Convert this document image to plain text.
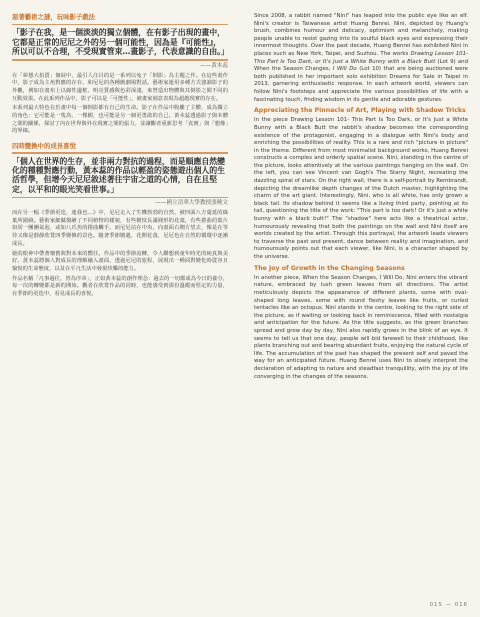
惡著藝術之謎，玩味影子戲法
「影子在我，是一個淡淡的獨立個體，在有影子出現的畫中，它都是正常的尼尼之外的另一個可能性，因為是『可能性』，所以可以不合理，不受現實管束…畫影子，代表意識的自由。」
——黃本蕊

在「夢想大拍賣」個展中，最引人注目的是一系列以兔子「倒影」為主題之作。在這些畫作中，影子成為主角對應的存在，和尼尼的各種戲劇場對話。藝術家運用多種方式強調影子的外觀，例如在畫布上以線性邊框、明亮質感與色彩深淺，來營造出物體與其倒影之間不同的互動效果。在此系列作品中，影子可以是「可能性」，被畫家刻意表現為超越現實的存在。

本系列最大特色在於畫中每一個倒影都有自己的生命。影子在作品中脫離了主體，成為獨立的角色：它可能是一隻鳥、一棵樹，也可能是另一個更勇敢的自己。黃本蕊透過影子與本體之間的關係，探討了內在世界與外在現實之間的張力，並讓觀者重新思考「真實」與「想像」的界線。

四時變換中的成長喜悅
「個人在世界的生存，並非兩力對抗的過程，而是順應自然變化的種種對應行動，黃本蕊的作品以輕盈的姿態遊出個人的生活哲學，但增今天尼尼敘述著往宇宙之道的心情，自在且堅定，以平和的眼光笑看世事。」
——國立清華大學教授張曉文

而在另一幅《季節更迭，連我也…》中，尼尼走入了生機勃勃的自然，被四面八方蔓延的綠葉所圍繞。藝術家細膩描繪了不同植物的樣貌，有些樹枝長滿圓形的花葉，有些捲曲的葉片如同一團團氣泡，或如八爪魚的捲曲觸手。而尼尼站在中央，向畫面右側方望去，像是在等待又像是靜靜欣賞四季變換的景色。隨著季節嬗遞，花開花落，尼尼也在自然的循環中逐漸成長。

她的眼神中帶著懷舊與對未來的嚮往。作品中的季節流轉，令人聯想到童年時光的純真與美好。黃本蕊將個人對成長的理解融入畫面，透過尼尼的旅程，展現出一種面對變化時從容且愉悅的生命態度，以及在平凡生活中發現快樂的能力。

作品名稱「凡事過往，皆為序章」，正如黃本蕊的創作理念：過去的一切都成為今日的養分，每一次的轉變都是新的開始。觀者在欣賞作品的同時，也能感受到那份溫暖而堅定的力量，在季節的更迭中，看見成長的喜悅。

Since 2008, a rabbit named "Nini" has leaped into the public eye like an elf. Nini's creator is Taiwanese artist Huang Benrei. Nini, depicted by Huang's brush, combines humour and delicacy, optimism and melancholy, making people unable to resist gazing into its soulful black eyes and expressing their innermost thoughts. Over the past decade, Huang Benrei has exhibited Nini in places such as New York, Taipei, and Suzhou. The works Drawing Lesson 101- This Part Is Too Dark, or It's Just a White Bunny with a Black Butt (Lot 9) and When the Season Changes, I Will Do (Lot 10) that are being auctioned were both published in her important solo exhibition Dreams for Sale in Taipei in 2013, garnering enthusiastic response. In each artwork world, viewers can follow Nini's footsteps and appreciate the various possibilities of life with a fascinating touch, finding wisdom in its gentle and adorable gestures.

Appreciating the Pinnacle of Art, Playing with Shadow Tricks

In the piece Drawing Lesson 101- This Part Is Too Dark, or It's Just a White Bunny with a Black Butt the rabbit's shadow becomes the corresponding existence of the protagonist, engaging in a dialogue with Nini's body and enriching the possibilities of reality. This is a rare and rich "picture in picture" in the theme. Different from most minimalist background works, Huang Benrei constructs a complex and orderly spatial scene. Nini, standing in the centre of the picture, looks attentively at the various paintings hanging on the wall. On the left, you can see Vincent van Gogh's The Starry Night, recreating the dazzling spiral of stars. On the right wall, there is a self-portrait by Rembrandt, depicting the dreamlike depth changes of the Dutch master, highlighting the charm of the art giant. Interestingly, Nini, who is all white, has only grown a black tail. Its shadow behind it seems like a living third party, pointing at its tail, questioning the title of the work: "This part is too dark! Or it's just a white bunny with a black butt!" The "shadow" here acts like a theatrical actor, humourously revealing that both the paintings on the wall and Nini itself are worlds created by the artist. Through this portrayal, the artwork leads viewers to traverse the past and present, dance between reality and imagination, and humourously points out that each viewer, like Nini, is a character shaped by the universe.

The Joy of Growth in the Changing Seasons

In another piece, When the Season Changes, I Will Do, Nini enters the vibrant nature, embraced by lush green leaves from all directions. The artist meticulously depicts the appearance of different plants, some with oval-shaped long leaves, some with round fleshy leaves like fruits, or curled tentacles like an octopus. Nini stands in the centre, looking to the right side of the picture, as if waiting or looking back in reminiscence, filled with nostalgia and anticipation for the future. As the title suggests, as the green branches spread and grow day by day, Nini also rapidly grows in the blink of an eye. It seems to tell us that one day, people will bid farewell to their childhood, like plants branching out and bearing abundant fruits, enjoying the natural cycle of life. The accumulation of the past has shaped the present self and paved the way for an anticipated future. Huang Benrei uses Nini to slowly interpret the declaration of adapting to nature and steadfast tranquillity, with the joy of life converging in the changes of the seasons.

015 — 016
